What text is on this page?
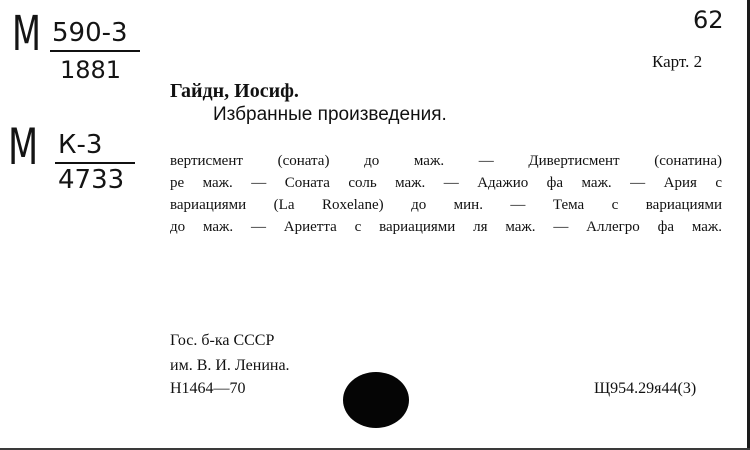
М 590-3
1881
М К-3
4733
62
Карт. 2
Гайдн, Иосиф.
Избранные произведения.
вертисмент (соната) до маж. — Дивертисмент (сонатина)
ре маж. — Соната соль маж. — Адажио фа маж. — Ария с
вариациями (La Roxelane) до мин. — Тема с вариациями
до маж. — Ариетта с вариациями ля маж. — Аллегро фа маж.
Гос. б-ка СССР
им. В. И. Ленина.
Н1464—70	Щ954.29я44(3)
